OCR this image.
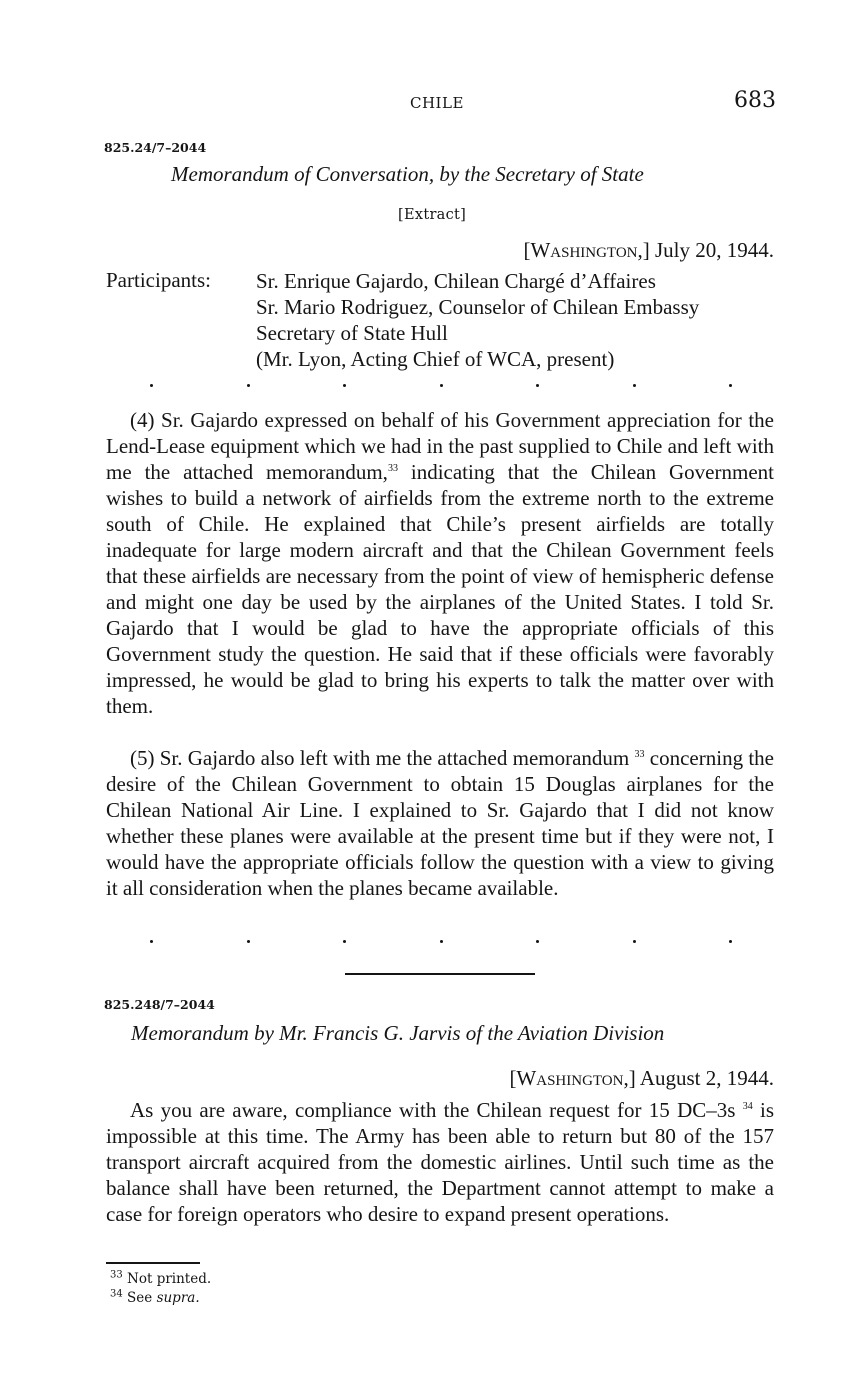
CHILE	683
825.24/7–2044
Memorandum of Conversation, by the Secretary of State
[Extract]
[Washington,] July 20, 1944.
Participants: Sr. Enrique Gajardo, Chilean Chargé d’Affaires
Sr. Mario Rodriguez, Counselor of Chilean Embassy
Secretary of State Hull
(Mr. Lyon, Acting Chief of WCA, present)
(4) Sr. Gajardo expressed on behalf of his Government appreciation for the Lend-Lease equipment which we had in the past supplied to Chile and left with me the attached memorandum,$^{33}$ indicating that the Chilean Government wishes to build a network of airfields from the extreme north to the extreme south of Chile. He explained that Chile’s present airfields are totally inadequate for large modern aircraft and that the Chilean Government feels that these airfields are necessary from the point of view of hemispheric defense and might one day be used by the airplanes of the United States. I told Sr. Gajardo that I would be glad to have the appropriate officials of this Government study the question. He said that if these officials were favorably impressed, he would be glad to bring his experts to talk the matter over with them.
(5) Sr. Gajardo also left with me the attached memorandum $^{33}$ concerning the desire of the Chilean Government to obtain 15 Douglas airplanes for the Chilean National Air Line. I explained to Sr. Gajardo that I did not know whether these planes were available at the present time but if they were not, I would have the appropriate officials follow the question with a view to giving it all consideration when the planes became available.
825.248/7–2044
Memorandum by Mr. Francis G. Jarvis of the Aviation Division
[Washington,] August 2, 1944.
As you are aware, compliance with the Chilean request for 15 DC–3s $^{34}$ is impossible at this time. The Army has been able to return but 80 of the 157 transport aircraft acquired from the domestic airlines. Until such time as the balance shall have been returned, the Department cannot attempt to make a case for foreign operators who desire to expand present operations.
$^{33}$ Not printed.
$^{34}$ See supra.
